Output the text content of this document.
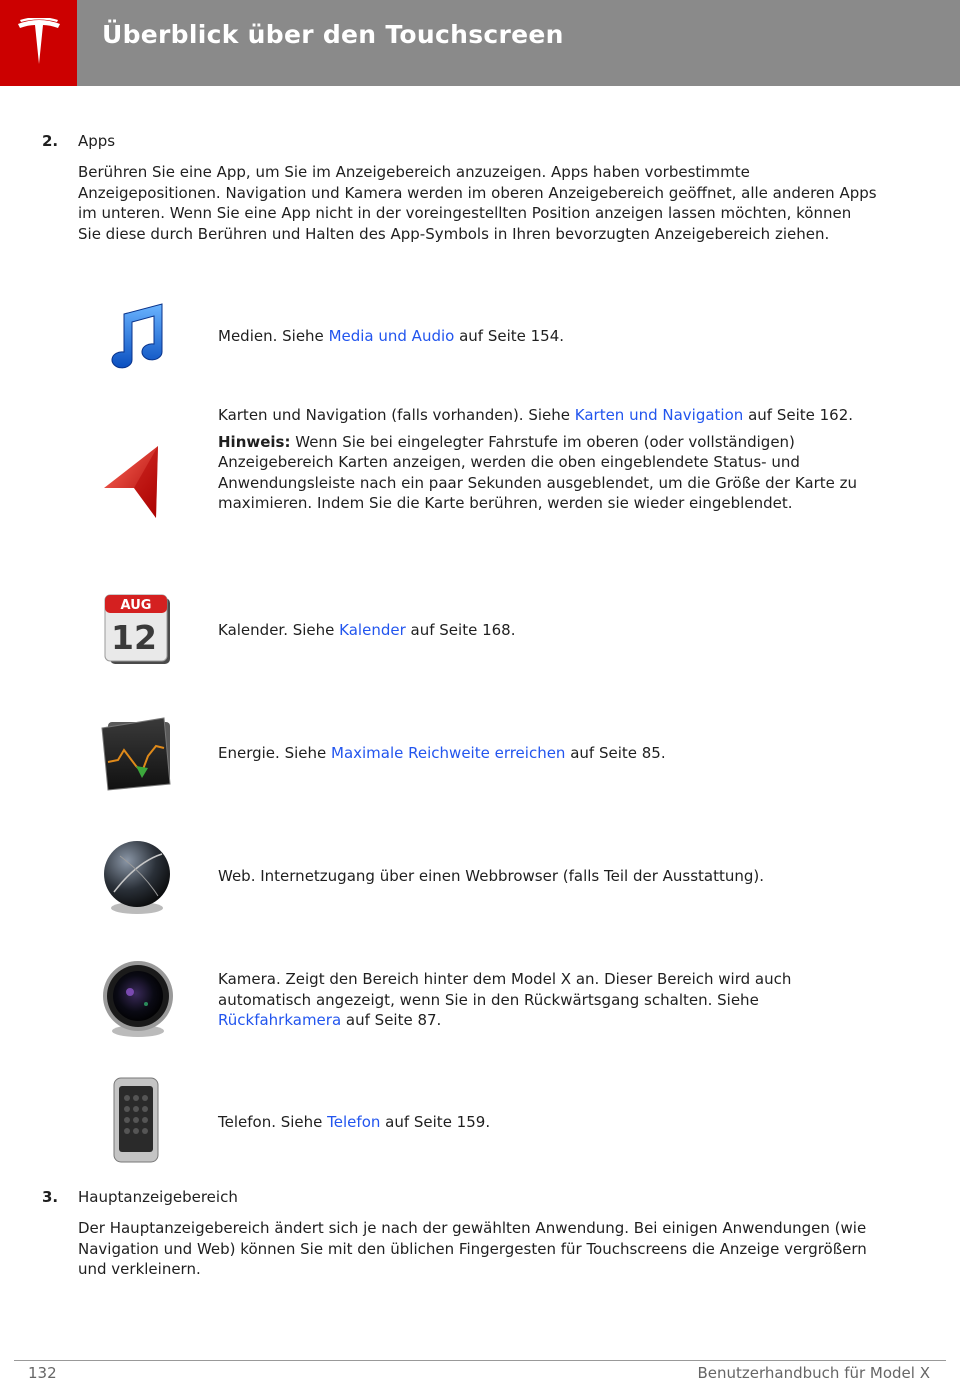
Überblick über den Touchscreen
2. Apps
Berühren Sie eine App, um Sie im Anzeigebereich anzuzeigen. Apps haben vorbestimmte Anzeigepositionen. Navigation und Kamera werden im oberen Anzeigebereich geöffnet, alle anderen Apps im unteren. Wenn Sie eine App nicht in der voreingestellten Position anzeigen lassen möchten, können Sie diese durch Berühren und Halten des App-Symbols in Ihren bevorzugten Anzeigebereich ziehen.
Medien. Siehe Media und Audio auf Seite 154.

Karten und Navigation (falls vorhanden). Siehe Karten und Navigation auf Seite 162.

Hinweis: Wenn Sie bei eingelegter Fahrstufe im oberen (oder vollständigen) Anzeigebereich Karten anzeigen, werden die oben eingeblendete Status- und Anwendungsleiste nach ein paar Sekunden ausgeblendet, um die Größe der Karte zu maximieren. Indem Sie die Karte berühren, werden sie wieder eingeblendet.

AUG
12	Kalender. Siehe Kalender auf Seite 168.
Energie. Siehe Maximale Reichweite erreichen auf Seite 85.
Web. Internetzugang über einen Webbrowser (falls Teil der Ausstattung).
Kamera. Zeigt den Bereich hinter dem Model X an. Dieser Bereich wird auch automatisch angezeigt, wenn Sie in den Rückwärtsgang schalten. Siehe Rückfahrkamera auf Seite 87.
Telefon. Siehe Telefon auf Seite 159.
3. Hauptanzeigebereich
Der Hauptanzeigebereich ändert sich je nach der gewählten Anwendung. Bei einigen Anwendungen (wie Navigation und Web) können Sie mit den üblichen Fingergesten für Touchscreens die Anzeige vergrößern und verkleinern.
132	Benutzerhandbuch für Model X
